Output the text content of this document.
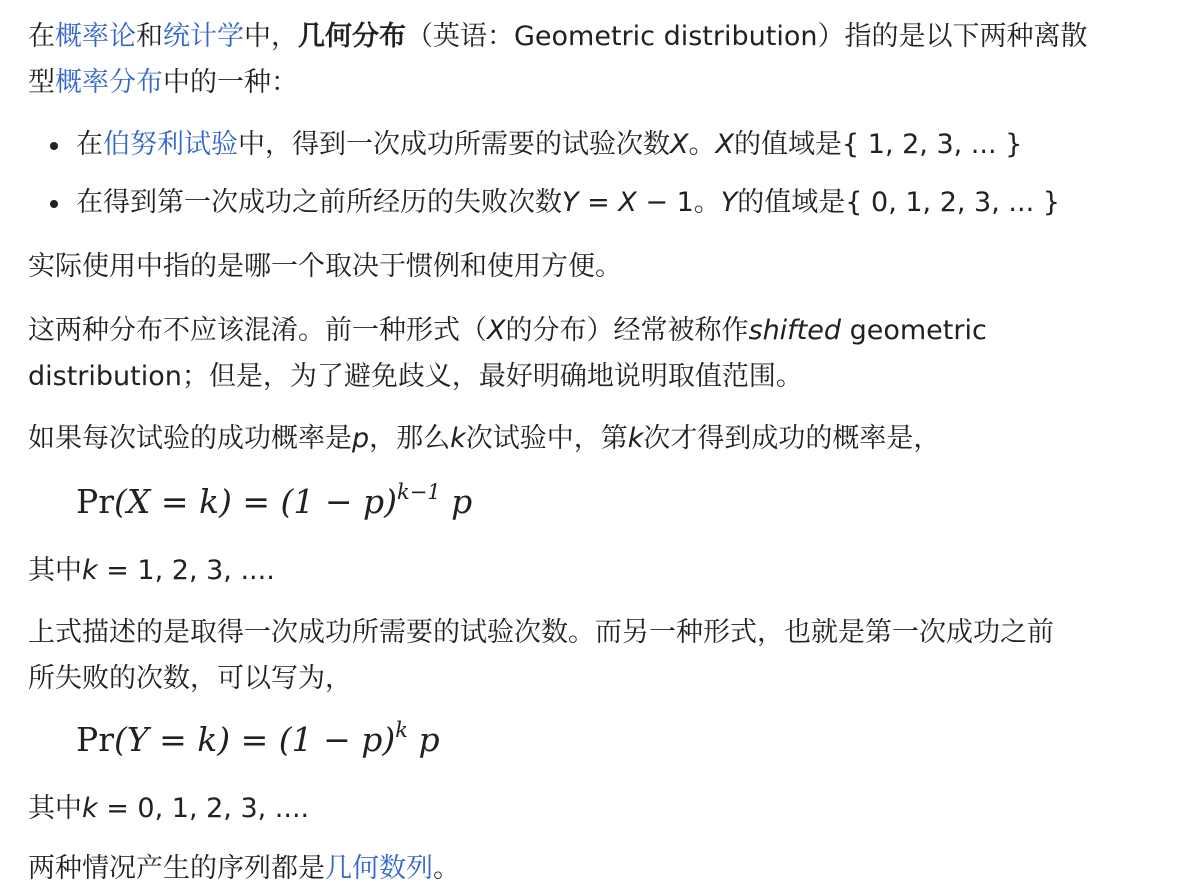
在概率论和统计学中，几何分布（英语：Geometric distribution）指的是以下两种离散
型概率分布中的一种：
在伯努利试验中，得到一次成功所需要的试验次数X。X的值域是{ 1, 2, 3, ... }
在得到第一次成功之前所经历的失败次数Y = X − 1。Y的值域是{ 0, 1, 2, 3, ... }

实际使用中指的是哪一个取决于惯例和使用方便。

这两种分布不应该混淆。前一种形式（X的分布）经常被称作shifted geometric
distribution；但是，为了避免歧义，最好明确地说明取值范围。

如果每次试验的成功概率是p，那么k次试验中，第k次才得到成功的概率是，

$Pr(X = k) = (1 - p)^{k-1}$ p

其中k = 1, 2, 3, ....

上式描述的是取得一次成功所需要的试验次数。而另一种形式，也就是第一次成功之前
所失败的次数，可以写为，
$Pr(Y = k) = (1 - p)^k$ p

其中k = 0, 1, 2, 3, ....

两种情况产生的序列都是几何数列。
